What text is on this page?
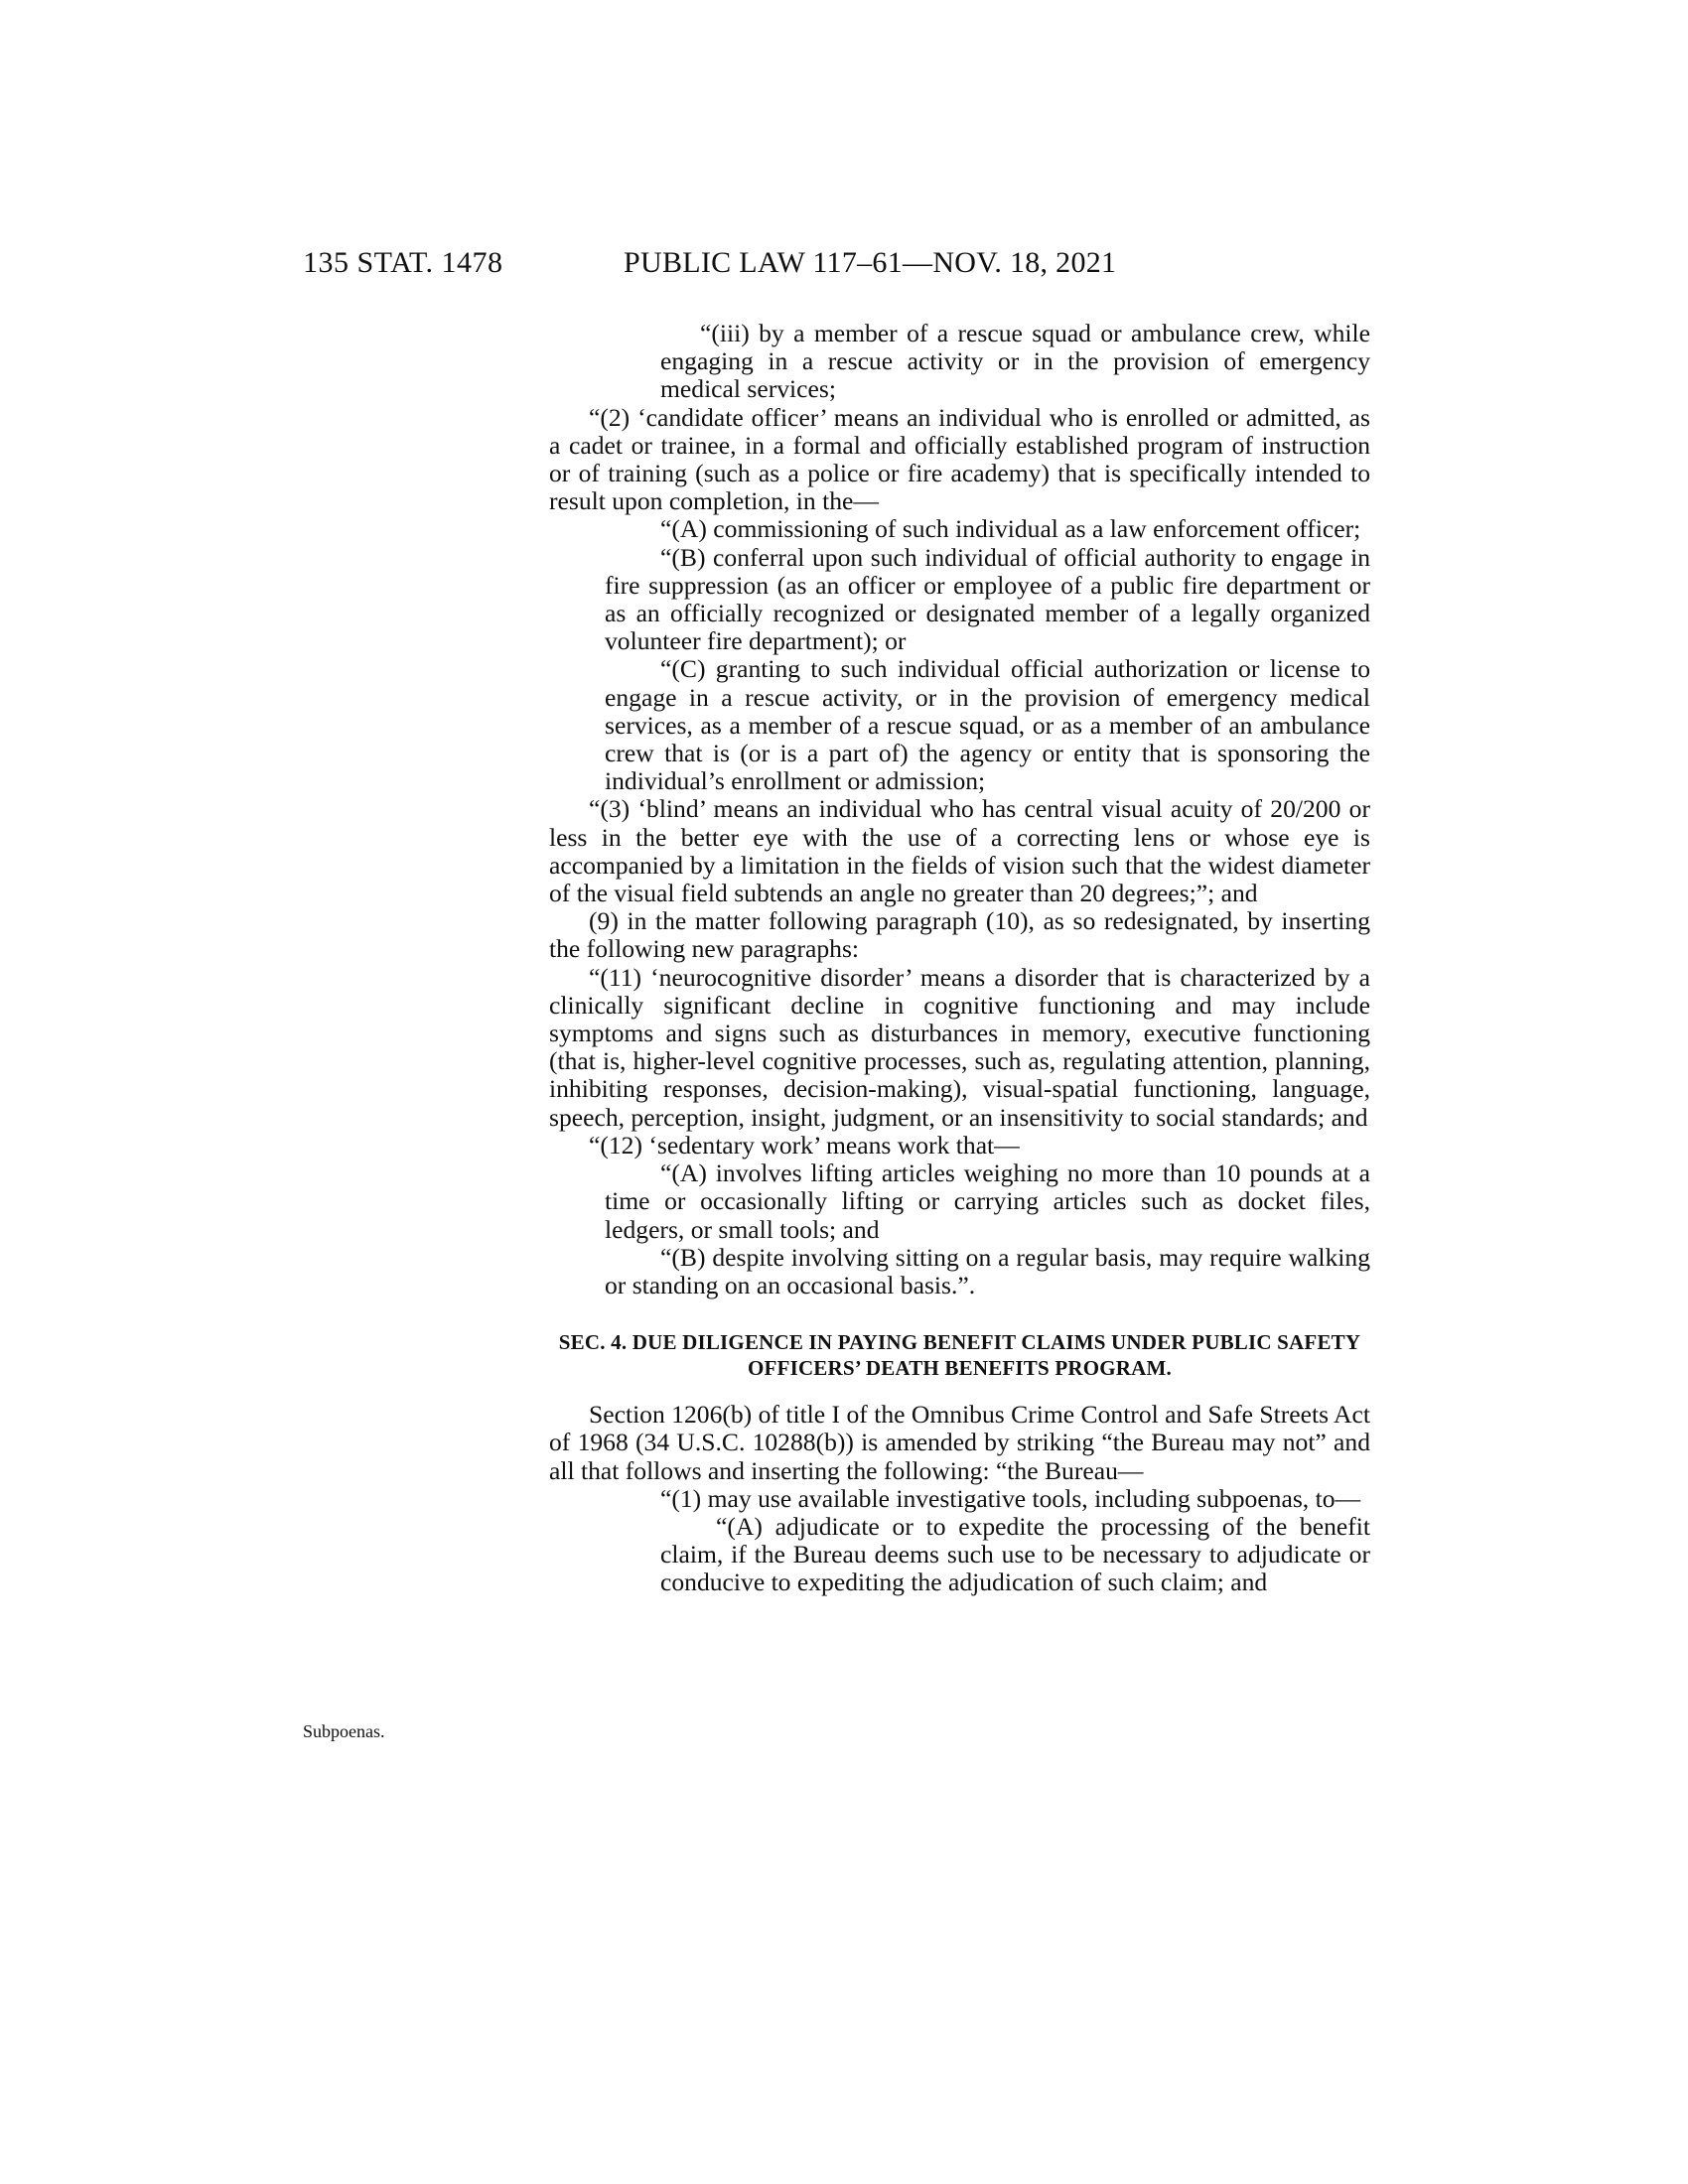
135 STAT. 1478	PUBLIC LAW 117–61—NOV. 18, 2021
Subpoenas.

“(iii) by a member of a rescue squad or ambulance crew, while engaging in a rescue activity or in the provision of emergency medical services;

“(2) ‘candidate officer’ means an individual who is enrolled or admitted, as a cadet or trainee, in a formal and officially established program of instruction or of training (such as a police or fire academy) that is specifically intended to result upon completion, in the—

“(A) commissioning of such individual as a law enforcement officer;

“(B) conferral upon such individual of official authority to engage in fire suppression (as an officer or employee of a public fire department or as an officially recognized or designated member of a legally organized volunteer fire department); or

“(C) granting to such individual official authorization or license to engage in a rescue activity, or in the provision of emergency medical services, as a member of a rescue squad, or as a member of an ambulance crew that is (or is a part of) the agency or entity that is sponsoring the individual’s enrollment or admission;

“(3) ‘blind’ means an individual who has central visual acuity of 20/200 or less in the better eye with the use of a correcting lens or whose eye is accompanied by a limitation in the fields of vision such that the widest diameter of the visual field subtends an angle no greater than 20 degrees;”; and

(9) in the matter following paragraph (10), as so redesignated, by inserting the following new paragraphs:

“(11) ‘neurocognitive disorder’ means a disorder that is characterized by a clinically significant decline in cognitive functioning and may include symptoms and signs such as disturbances in memory, executive functioning (that is, higher-level cognitive processes, such as, regulating attention, planning, inhibiting responses, decision-making), visual-spatial functioning, language, speech, perception, insight, judgment, or an insensitivity to social standards; and

“(12) ‘sedentary work’ means work that—

“(A) involves lifting articles weighing no more than 10 pounds at a time or occasionally lifting or carrying articles such as docket files, ledgers, or small tools; and

“(B) despite involving sitting on a regular basis, may require walking or standing on an occasional basis.”.

SEC. 4. DUE DILIGENCE IN PAYING BENEFIT CLAIMS UNDER PUBLIC SAFETY OFFICERS’ DEATH BENEFITS PROGRAM.

Section 1206(b) of title I of the Omnibus Crime Control and Safe Streets Act of 1968 (34 U.S.C. 10288(b)) is amended by striking “the Bureau may not” and all that follows and inserting the following: “the Bureau—

“(1) may use available investigative tools, including subpoenas, to—

“(A) adjudicate or to expedite the processing of the benefit claim, if the Bureau deems such use to be necessary to adjudicate or conducive to expediting the adjudication of such claim; and
